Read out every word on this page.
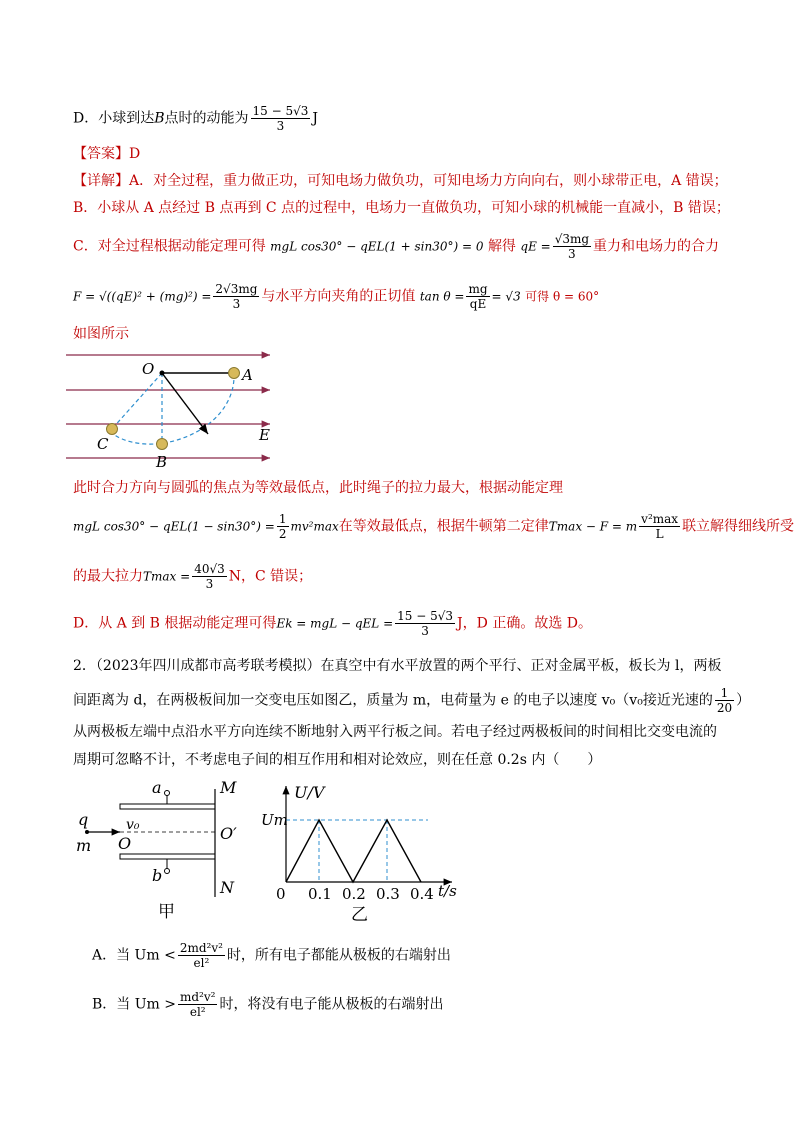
D．小球到达B点时的动能为 $\frac{15 - 5√3}{3}$ J
【答案】D
【详解】A．对全过程，重力做正功，可知电场力做负功，可知电场力方向向右，则小球带正电，A 错误；
B．小球从 A 点经过 B 点再到 C 点的过程中，电场力一直做负功，可知小球的机械能一直减小，B 错误；
C．对全过程根据动能定理可得 mgL cos30° − qEL(1 + sin30°) = 0 解得 qE = $\frac{√3mg}{3}$ 重力和电场力的合力
$F = √((qE)^2 + (mg)^2) = \frac{2√3mg}{3}$ 与水平方向夹角的正切值 $\tan \theta = \frac{mg}{qE} = √3$ 可得 θ = 60°
如图所示
O	A
C
B
E
此时合力方向与圆弧的焦点为等效最低点，此时绳子的拉力最大，根据动能定理
mgL $\cos 30^\circ - qEL(1 - \sin 30^\circ) = \frac{1}{2} mv^2\max$在等效最低点，根据牛顿第二定律Tmax − F = m $\frac{\text{v²max}}{L}$ 联立解得细线所受
的最大拉力$Tmax = \frac{40√3}{3}$ N，C 错误；
D．从 A 到 B 根据动能定理可得Ek = mgL − qEL = $\frac{15 - 5√3}{3}$ J，D 正确。故选 D。
2．（2023年四川成都市高考联考模拟）在真空中有水平放置的两个平行、正对金属平板，板长为 l，两板
间距离为 d，在两极板间加一交变电压如图乙，质量为 m，电荷量为 e 的电子以速度 v₀（v₀接近光速的 $\frac{1}{20}$ ）
从两极板左端中点沿水平方向连续不断地射入两平行板之间。若电子经过两极板间的时间相比交变电流的
周期可忽略不计，不考虑电子间的相互作用和相对论效应，则在任意 0.2s 内（　　）
a
b
M
N
O′
O
q
m
v₀
甲
U/V
Um
t/s
0 0.1 0.2 0.3 0.4
乙
A．当 $Um < \frac{\text{2md²v²}}{\text{el²}}$ 时，所有电子都能从极板的右端射出
B．当 $Um > \frac{\text{md²v²}}{\text{el²}}$ 时，将没有电子能从极板的右端射出
